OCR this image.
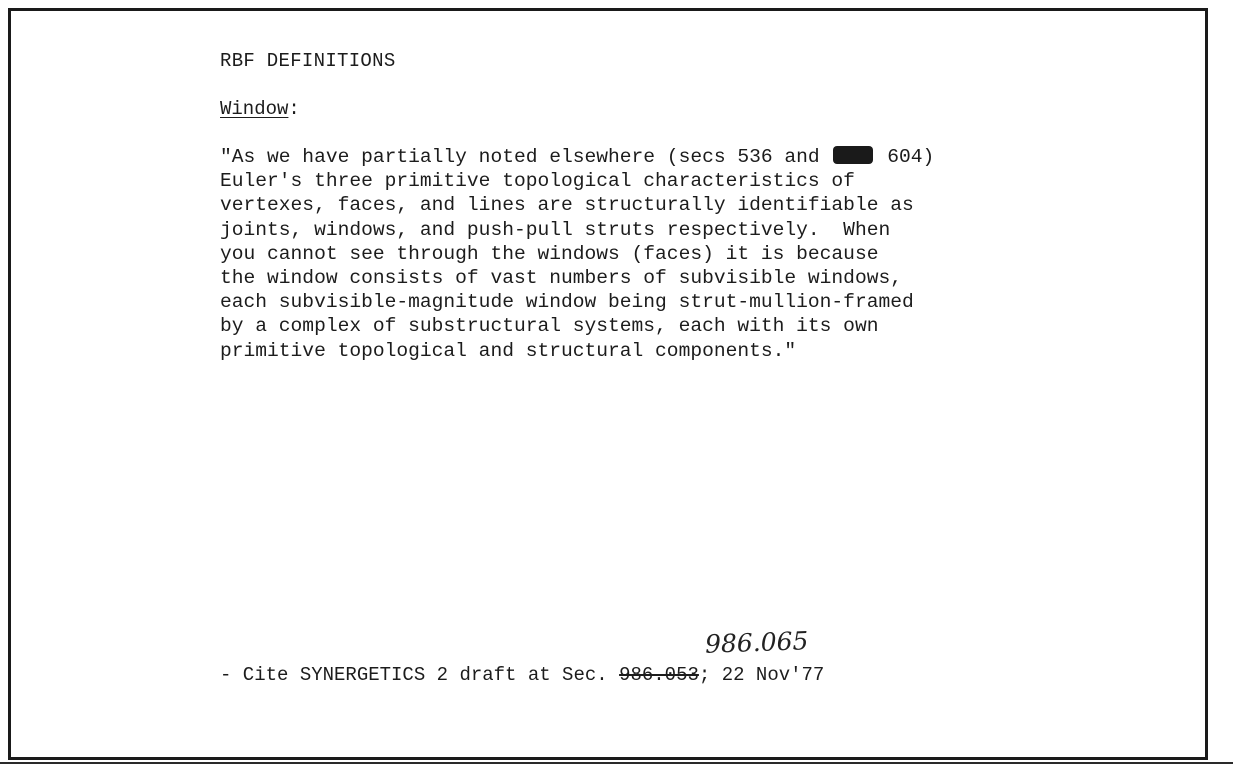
RBF DEFINITIONS
Window:
"As we have partially noted elsewhere (secs 536 and	604)
Euler's three primitive topological characteristics of
vertexes, faces, and lines are structurally identifiable as
joints, windows, and push-pull struts respectively.  When
you cannot see through the windows (faces) it is because
the window consists of vast numbers of subvisible windows,
each subvisible-magnitude window being strut-mullion-framed
by a complex of substructural systems, each with its own
primitive topological and structural components."
986.065
- Cite SYNERGETICS 2 draft at Sec. 986.053; 22 Nov'77
